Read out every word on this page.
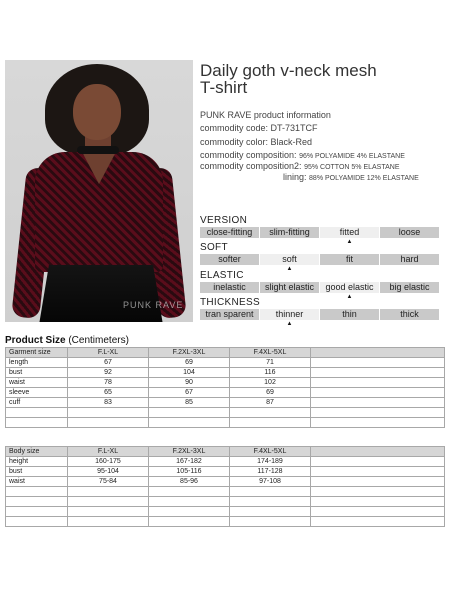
PUNK RAVE
Daily goth v-neck mesh
T-shirt
PUNK RAVE product information
commodity code: DT-731TCF
commodity color: Black-Red
commodity composition: 96% POLYAMIDE 4% ELASTANE
commodity composition2: 95% COTTON 5% ELASTANE
lining: 88% POLYAMIDE 12% ELASTANE
VERSION
close-fitting	slim-fitting	fitted	loose
▲
SOFT
softer	soft	fit	hard
▲
ELASTIC
inelastic	slight elastic	good elastic	big elastic
▲
THICKNESS
tran sparent	thinner	thin	thick
▲
Product Size (Centimeters)
Garment size	F.L-XL	F.2XL-3XL	F.4XL-5XL	
length	67	69	71	
bust	92	104	116	
waist	78	90	102	
sleeve	65	67	69	
cuff	83	85	87	

Body size	F.L-XL	F.2XL-3XL	F.4XL-5XL	
height	160-175	167-182	174-189	
bust	95-104	105-116	117-128	
waist	75-84	85-96	97-108	
